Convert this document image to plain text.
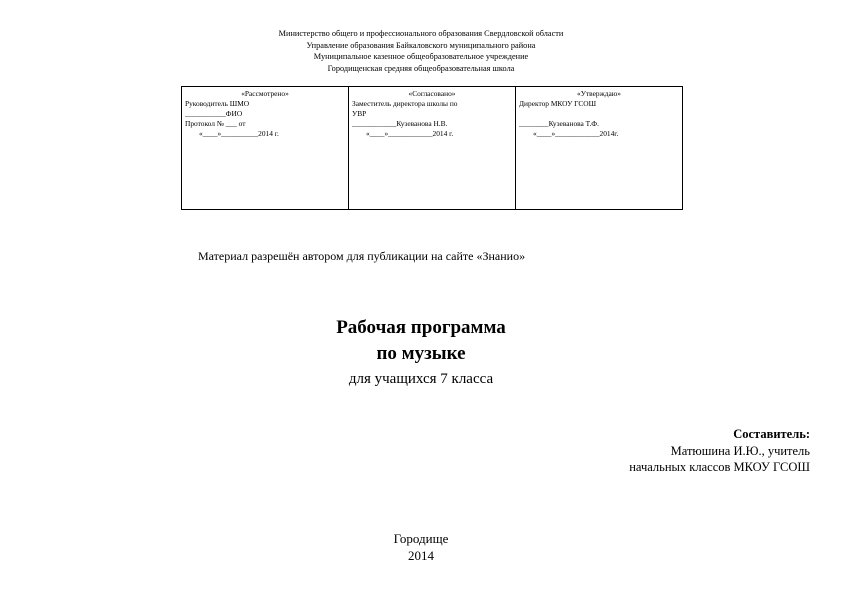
Министерство общего и профессионального образования Свердловской области
Управление образования Байкаловского муниципального района
Муниципальное казенное общеобразовательное учреждение
Городищенская средняя общеобразовательная школа
«Рассмотрено»
Руководитель ШМО
___________ФИО
Протокол № ___ от
«____»__________2014 г.

«Согласовано»
Заместитель директора школы по
УВР
____________Кузеванова Н.В.
«____»____________2014 г.

«Утверждаю»
Директор МКОУ ГСОШ

________Кузеванова Т.Ф.
«____»____________2014г.
Материал разрешён автором для публикации на сайте «Знанио»
Рабочая программа
по музыке
для учащихся 7 класса
Составитель:
Матюшина И.Ю., учитель
начальных классов МКОУ ГСОШ
Городище
2014
